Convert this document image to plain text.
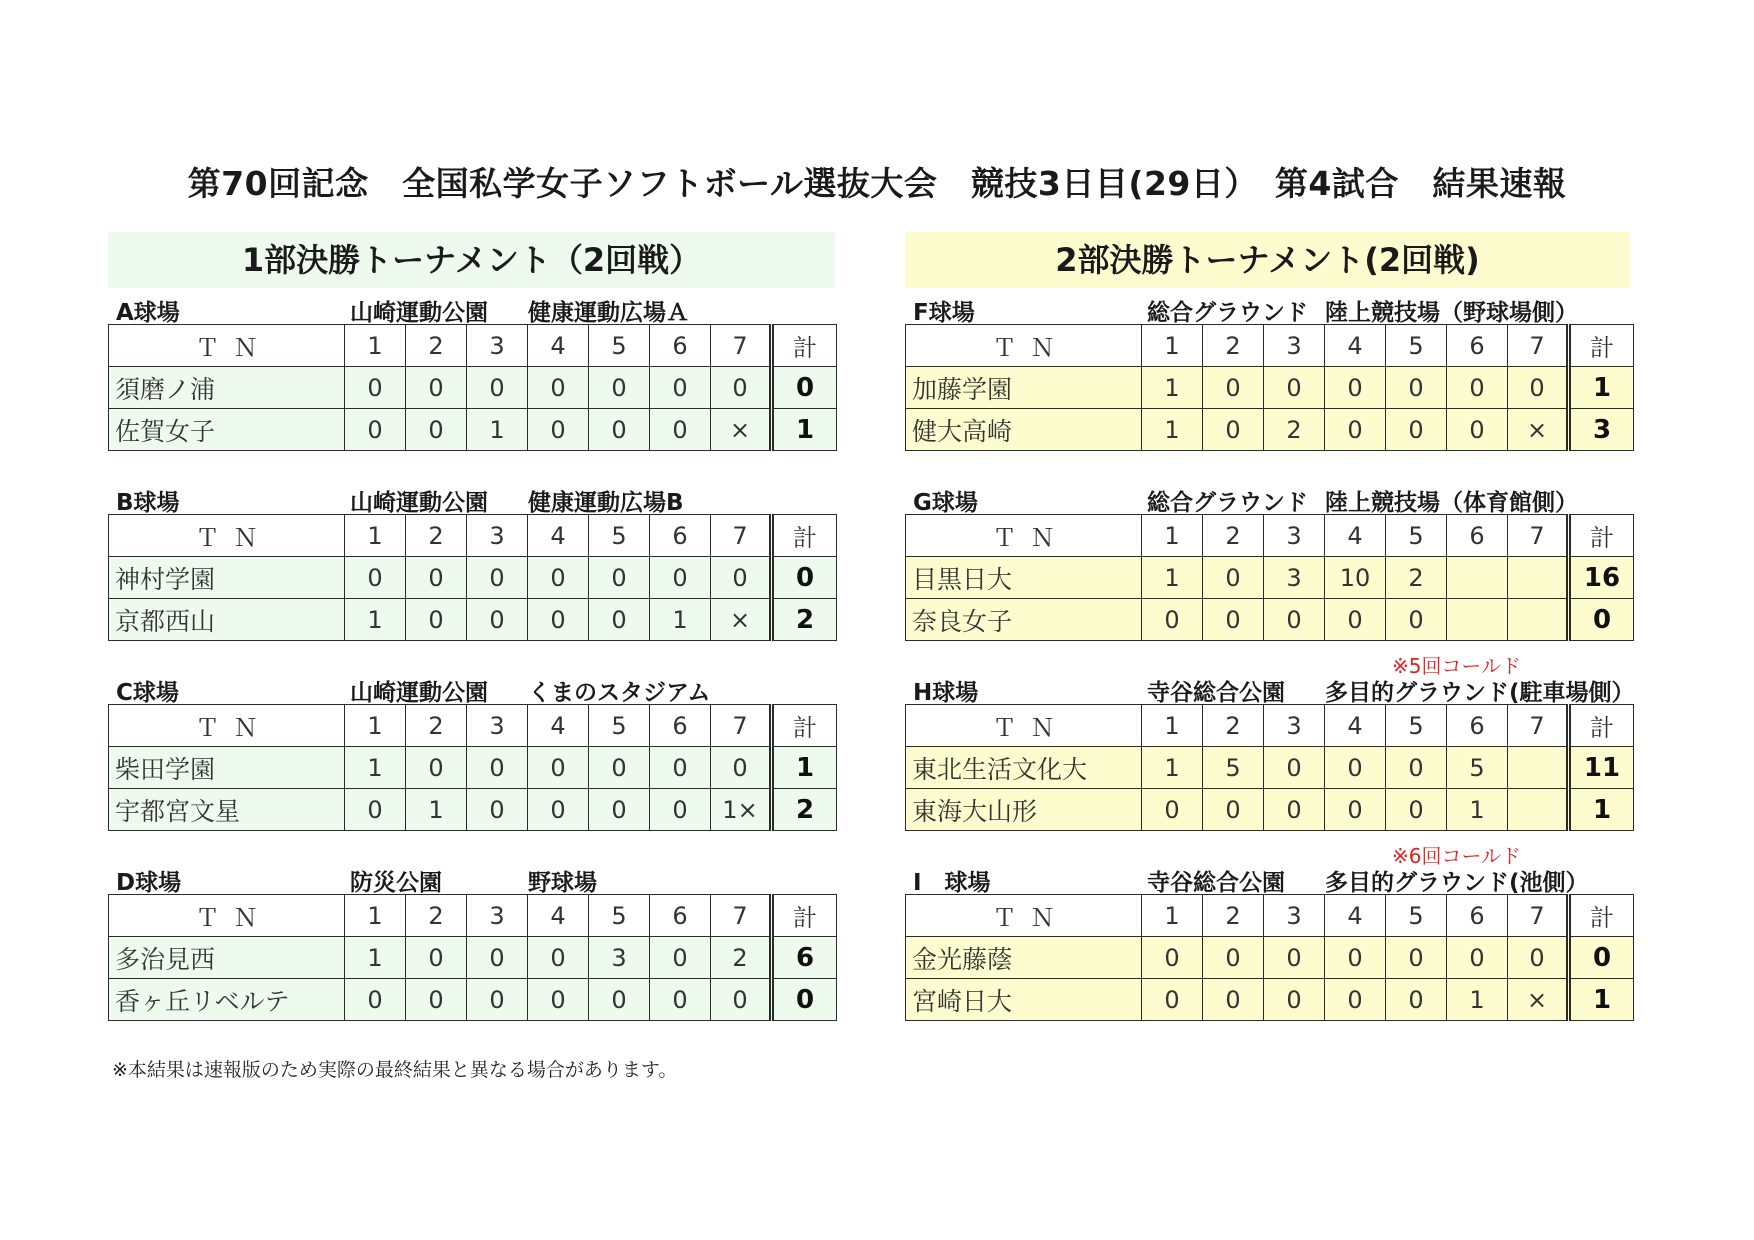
第70回記念　全国私学女子ソフトボール選抜大会　競技3日目(29日）　第4試合　結果速報
1部決勝トーナメント（2回戦）	2部決勝トーナメント(2回戦)
A球場	山崎運動公園 健康運動広場Ａ
ＴＮ	1	2	3	4	5	6	7	計
須磨ノ浦	0	0	0	0	0	0	0	0
佐賀女子	0	0	1	0	0	0	×	1
B球場	山崎運動公園 健康運動広場B
ＴＮ	1	2	3	4	5	6	7	計
神村学園	0	0	0	0	0	0	0	0
京都西山	1	0	0	0	0	1	×	2
C球場	山崎運動公園 くまのスタジアム
ＴＮ	1	2	3	4	5	6	7	計
柴田学園	1	0	0	0	0	0	0	1
宇都宮文星	0	1	0	0	0	0	1×	2
D球場	防災公園	野球場
ＴＮ	1	2	3	4	5	6	7	計
多治見西	1	0	0	0	3	0	2	6
香ヶ丘リベルテ	0	0	0	0	0	0	0	0
F球場	総合グラウンド 陸上競技場（野球場側）
ＴＮ	1	2	3	4	5	6	7	計
加藤学園	1	0	0	0	0	0	0	1
健大高崎	1	0	2	0	0	0	×	3
G球場	総合グラウンド 陸上競技場（体育館側）
ＴＮ	1	2	3	4	5	6	7	計
目黒日大	1	0	3	10	2			16
奈良女子	0	0	0	0	0			0
※5回コールド
H球場	寺谷総合公園 多目的グラウンド(駐車場側）
ＴＮ	1	2	3	4	5	6	7	計
東北生活文化大	1	5	0	0	0	5		11
東海大山形	0	0	0	0	0	1		1
※6回コールド
I　球場	寺谷総合公園 多目的グラウンド(池側）
ＴＮ	1	2	3	4	5	6	7	計
金光藤蔭	0	0	0	0	0	0	0	0
宮崎日大	0	0	0	0	0	1	×	1
※本結果は速報版のため実際の最終結果と異なる場合があります。
